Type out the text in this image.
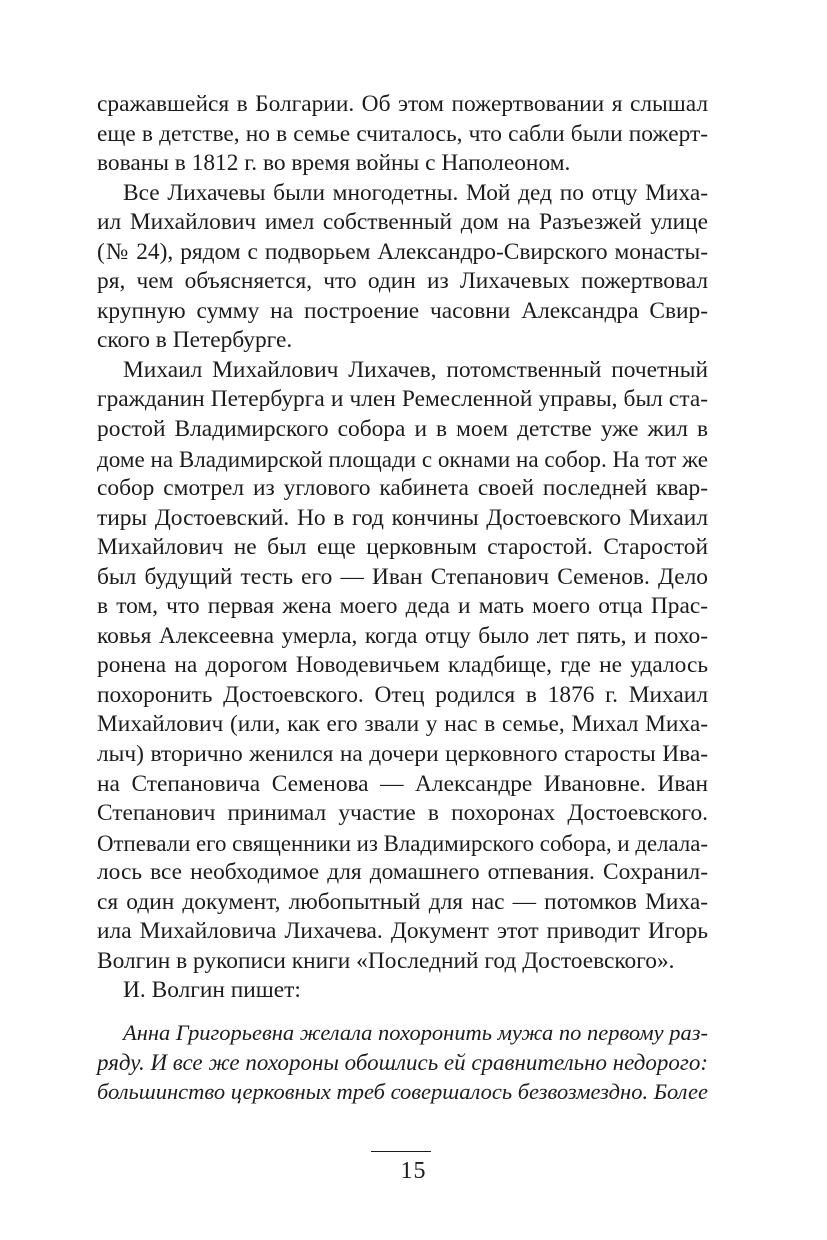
сражавшейся в Болгарии. Об этом пожертвовании я слышал
еще в детстве, но в семье считалось, что сабли были пожерт-
вованы в 1812 г. во время войны с Наполеоном.
Все Лихачевы были многодетны. Мой дед по отцу Миха-
ил Михайлович имел собственный дом на Разъезжей улице
(№ 24), рядом с подворьем Александро-Свирского монасты-
ря, чем объясняется, что один из Лихачевых пожертвовал
крупную сумму на построение часовни Александра Свир-
ского в Петербурге.
Михаил Михайлович Лихачев, потомственный почетный
гражданин Петербурга и член Ремесленной управы, был ста-
ростой Владимирского собора и в моем детстве уже жил в
доме на Владимирской площади с окнами на собор. На тот же
собор смотрел из углового кабинета своей последней квар-
тиры Достоевский. Но в год кончины Достоевского Михаил
Михайлович не был еще церковным старостой. Старостой
был будущий тесть его — Иван Степанович Семенов. Дело
в том, что первая жена моего деда и мать моего отца Прас-
ковья Алексеевна умерла, когда отцу было лет пять, и похо-
ронена на дорогом Новодевичьем кладбище, где не удалось
похоронить Достоевского. Отец родился в 1876 г. Михаил
Михайлович (или, как его звали у нас в семье, Михал Миха-
лыч) вторично женился на дочери церковного старосты Ива-
на Степановича Семенова — Александре Ивановне. Иван
Степанович принимал участие в похоронах Достоевского.
Отпевали его священники из Владимирского собора, и делала-
лось все необходимое для домашнего отпевания. Сохранил-
ся один документ, любопытный для нас — потомков Миха-
ила Михайловича Лихачева. Документ этот приводит Игорь
Волгин в рукописи книги «Последний год Достоевского».
И. Волгин пишет:
Анна Григорьевна желала похоронить мужа по первому раз-
ряду. И все же похороны обошлись ей сравнительно недорого:
большинство церковных треб совершалось безвозмездно. Более
15
